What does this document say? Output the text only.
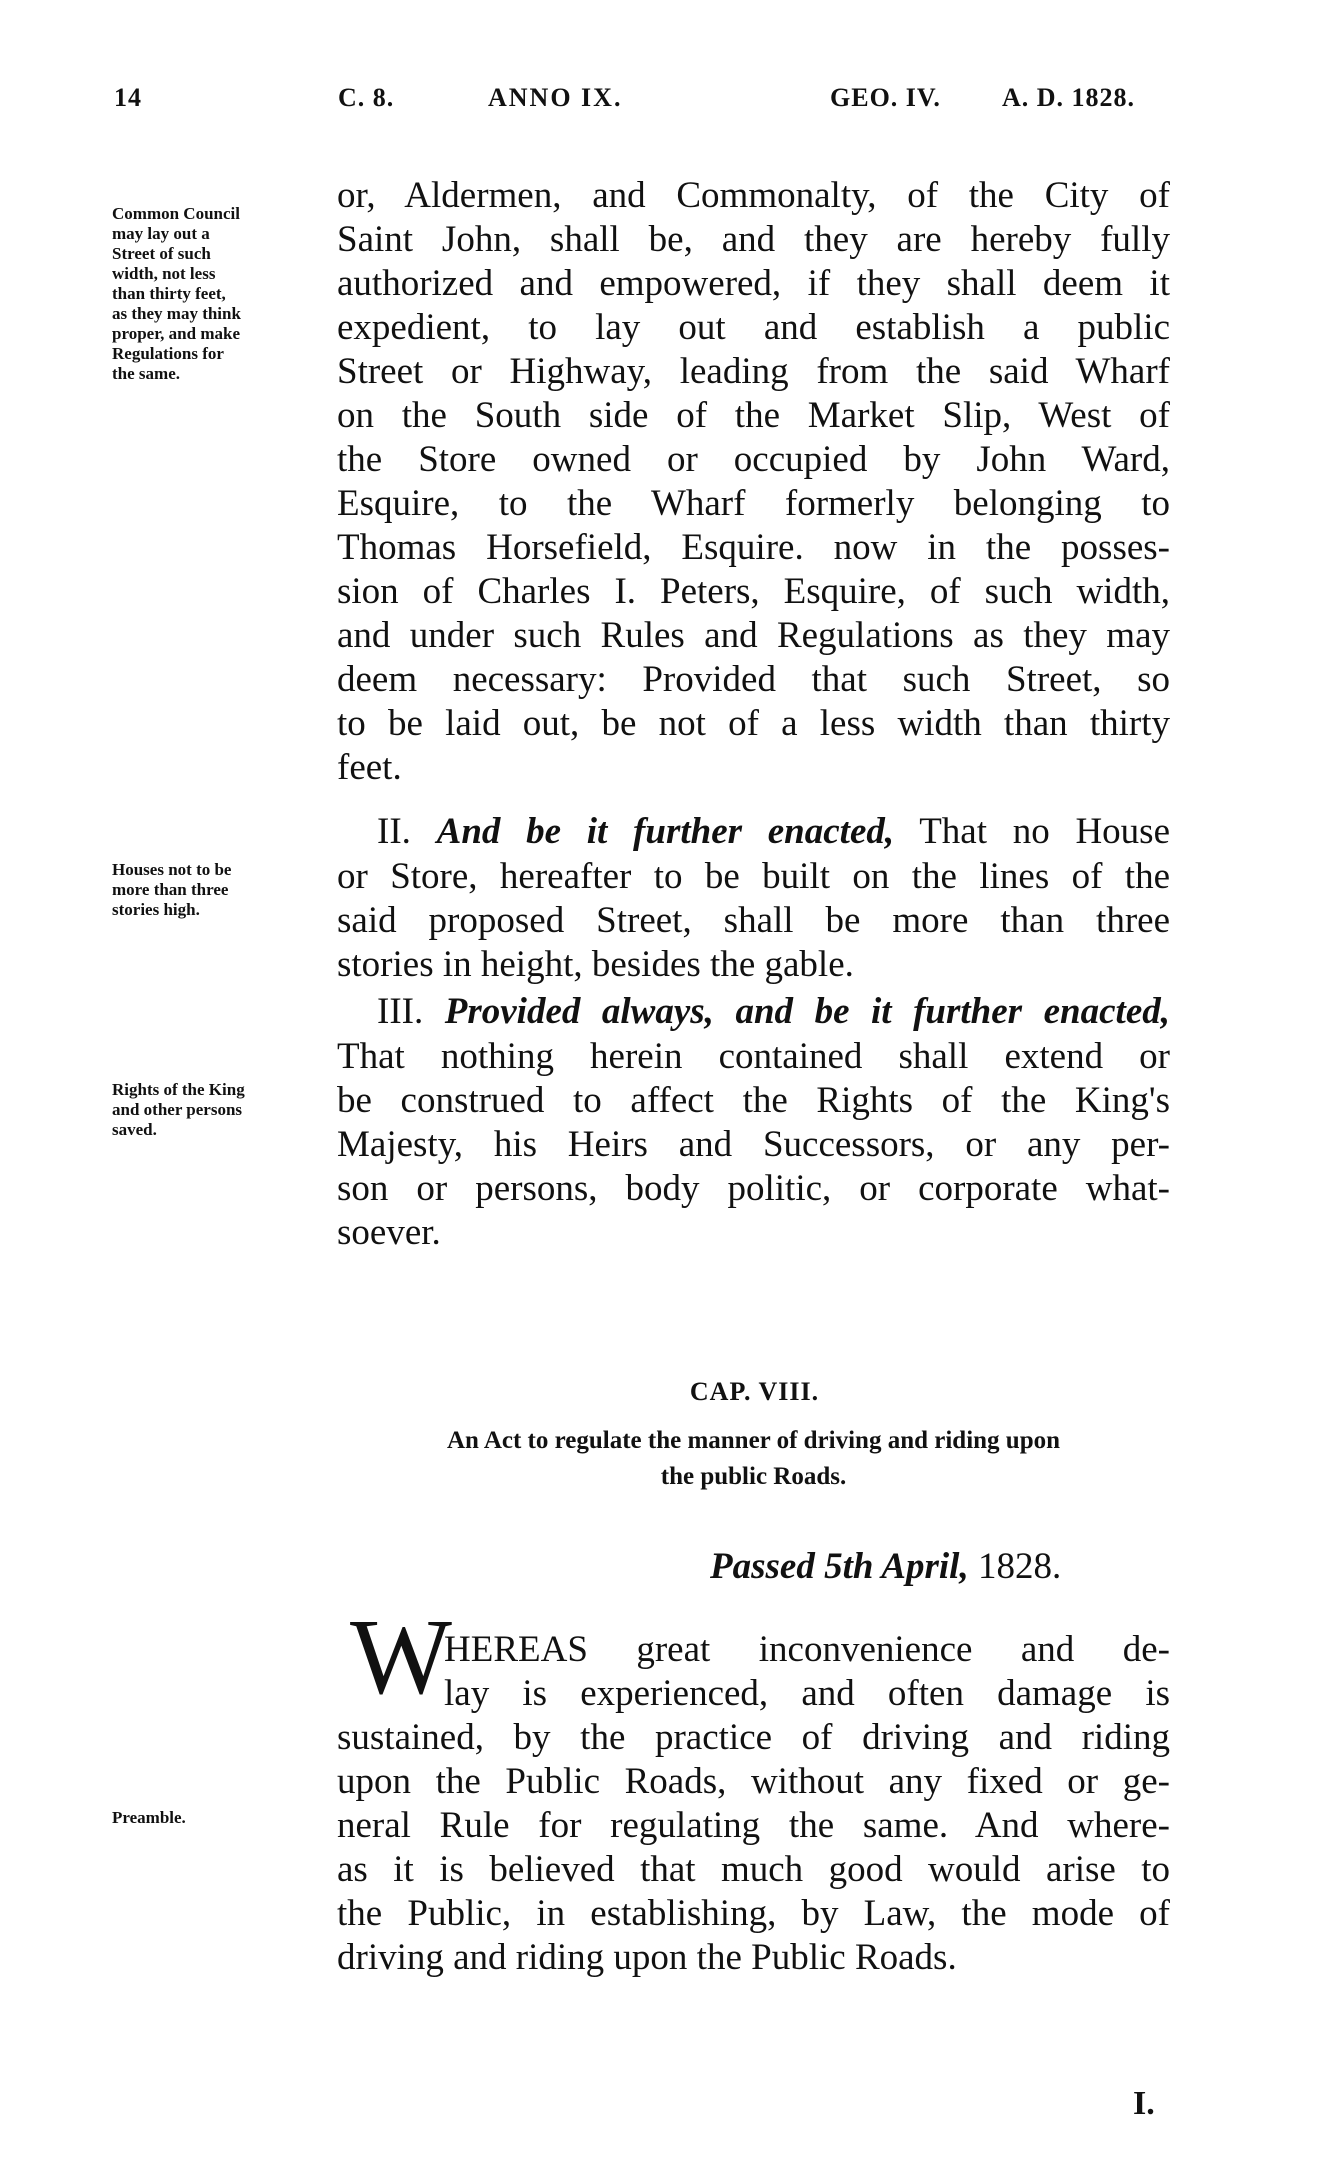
14	C. 8.	ANNO IX.	GEO. IV. A. D. 1828.
Common Council
may lay out a
Street of such
width, not less
than thirty feet,
as they may think
proper, and make
Regulations for
the same.
or, Aldermen, and Commonalty, of the City of
Saint John, shall be, and they are hereby fully
authorized and empowered, if they shall deem it
expedient, to lay out and establish a public
Street or Highway, leading from the said Wharf
on the South side of the Market Slip, West of
the Store owned or occupied by John Ward,
Esquire, to the Wharf formerly belonging to
Thomas Horsefield, Esquire. now in the posses-
sion of Charles I. Peters, Esquire, of such width,
and under such Rules and Regulations as they may
deem necessary: Provided that such Street, so
to be laid out, be not of a less width than thirty
feet.
II. And be it further enacted, That no House
Houses not to be
more than three
stories high.
or Store, hereafter to be built on the lines of the
said proposed Street, shall be more than three
stories in height, besides the gable.
III. Provided always, and be it further enacted,
Rights of the King
and other persons
saved.
That nothing herein contained shall extend or
be construed to affect the Rights of the King's
Majesty, his Heirs and Successors, or any per-
son or persons, body politic, or corporate what-
soever.
CAP. VIII.
An Act to regulate the manner of driving and riding upon
the public Roads.
Passed 5th April, 1828.
W
HEREAS great inconvenience and de-
lay is experienced, and often damage is
sustained, by the practice of driving and riding
upon the Public Roads, without any fixed or ge-
neral Rule for regulating the same. And where-
as it is believed that much good would arise to
the Public, in establishing, by Law, the mode of
driving and riding upon the Public Roads.
Preamble.
I.
